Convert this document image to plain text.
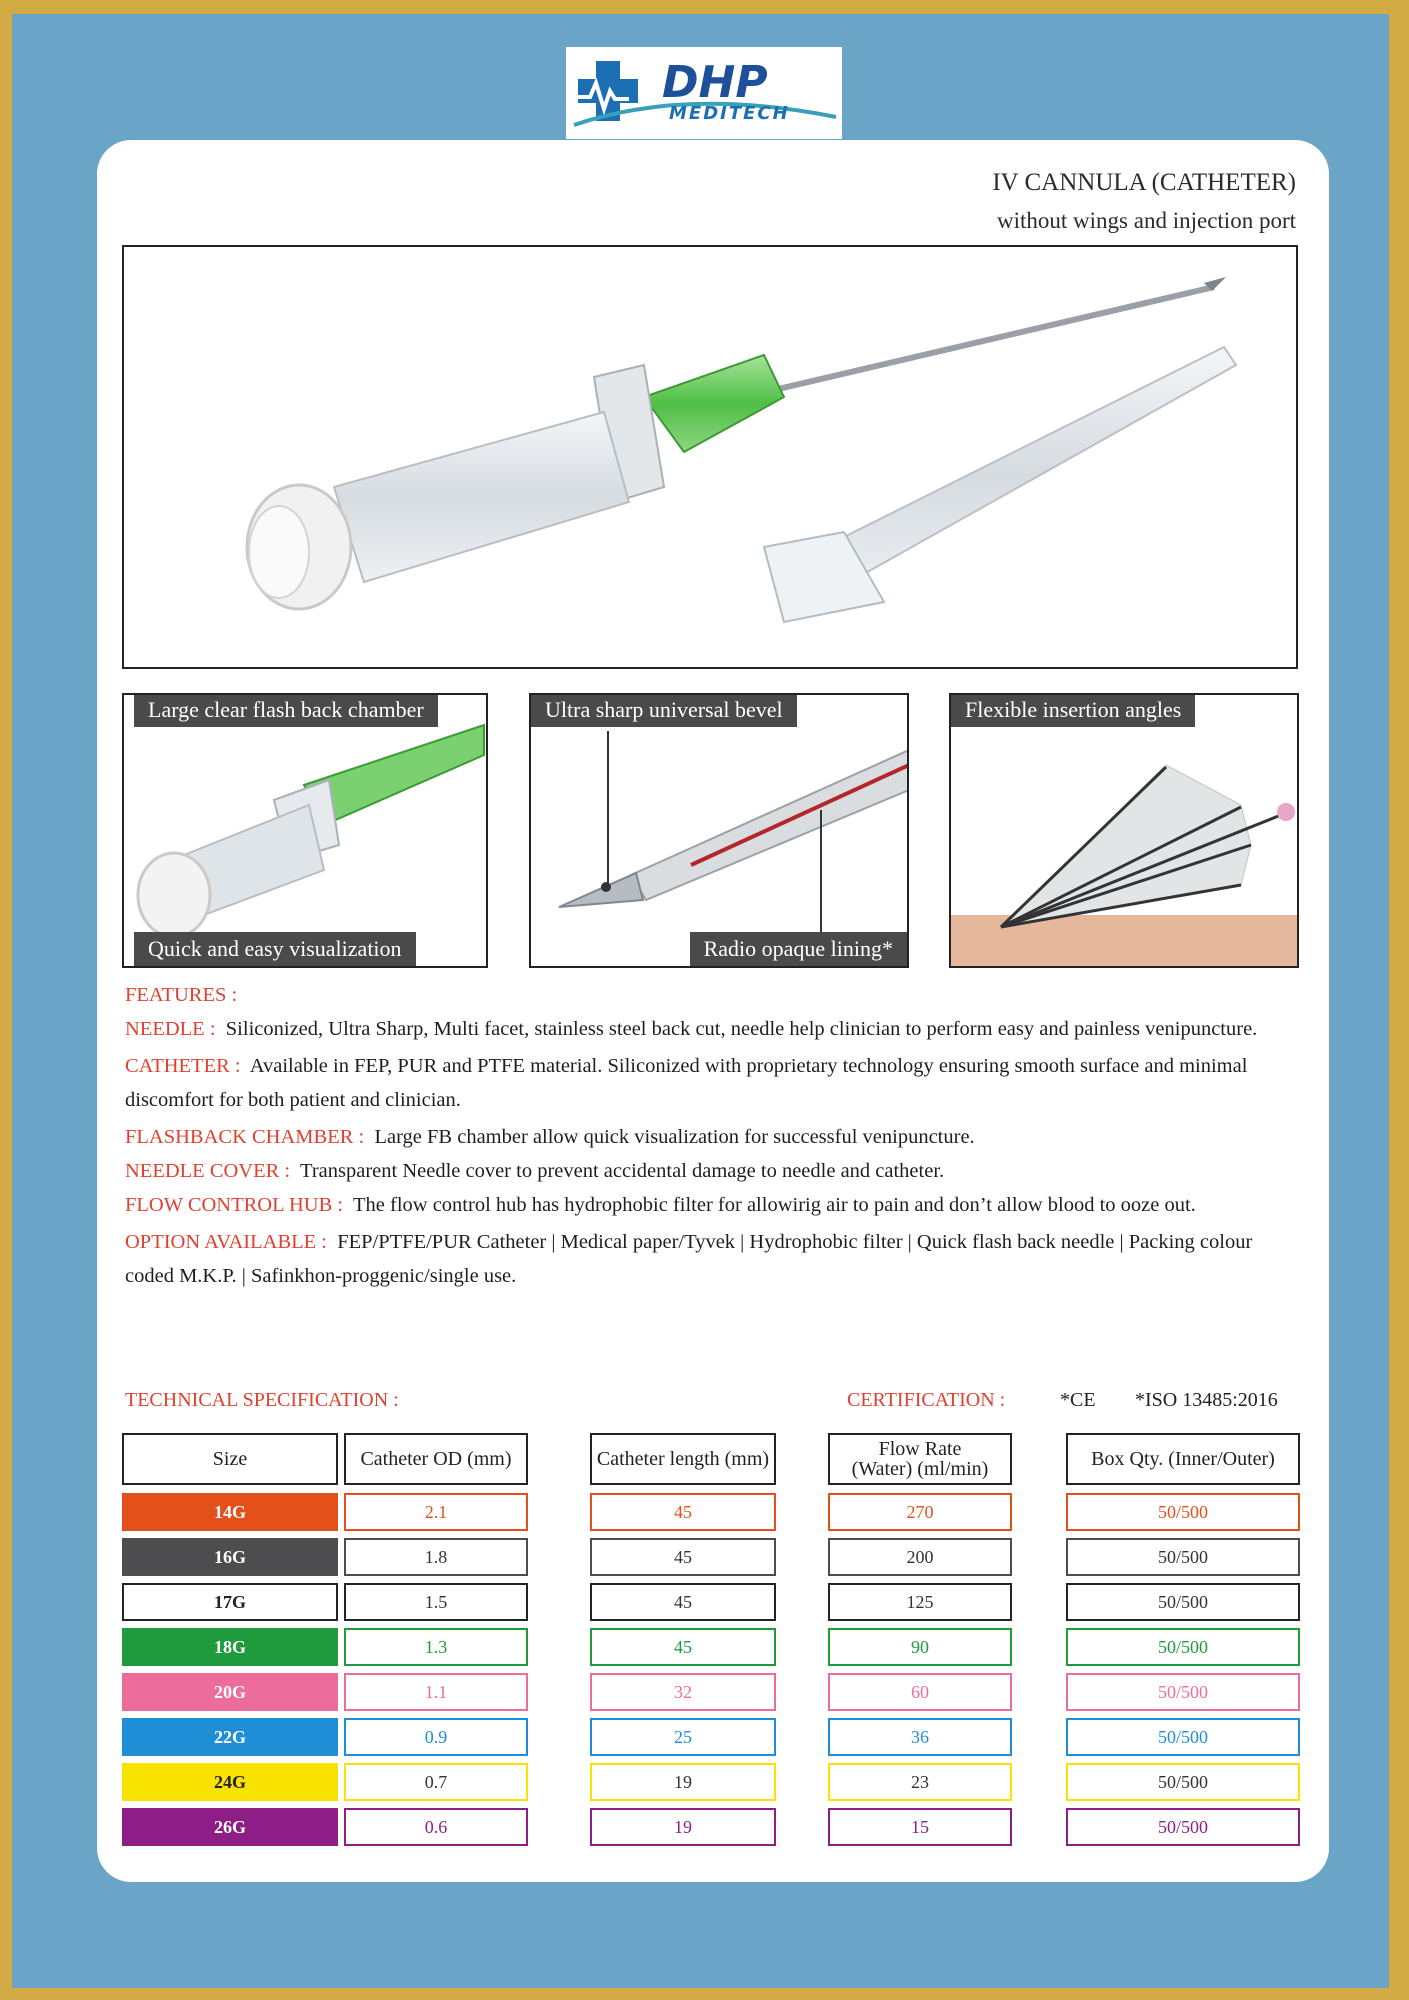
DHP
MEDITECH
IV CANNULA (CATHETER)
without wings and injection port
Large clear flash back chamber
Quick and easy visualization
Ultra sharp universal bevel
Radio opaque lining*
Flexible insertion angles

FEATURES :

NEEDLE : Siliconized, Ultra Sharp, Multi facet, stainless steel back cut, needle help clinician to perform easy and painless venipuncture.

CATHETER : Available in FEP, PUR and PTFE material. Siliconized with proprietary technology ensuring smooth surface and minimal discomfort for both patient and clinician.

FLASHBACK CHAMBER : Large FB chamber allow quick visualization for successful venipuncture.

NEEDLE COVER : Transparent Needle cover to prevent accidental damage to needle and catheter.

FLOW CONTROL HUB : The flow control hub has hydrophobic filter for allowirig air to pain and don’t allow blood to ooze out.

OPTION AVAILABLE : FEP/PTFE/PUR Catheter | Medical paper/Tyvek | Hydrophobic filter | Quick flash back needle | Packing colour coded M.K.P. | Safinkhon-proggenic/single use.

TECHNICAL SPECIFICATION :	CERTIFICATION :	*CE *ISO 13485:2016
Size	Catheter OD (mm)	Catheter length (mm)	Flow Rate (Water) (ml/min)	Box Qty. (Inner/Outer)
14G	2.1	45	270	50/500
16G	1.8	45	200	50/500
17G	1.5	45	125	50/500
18G	1.3	45	90	50/500
20G	1.1	32	60	50/500
22G	0.9	25	36	50/500
24G	0.7	19	23	50/500
26G	0.6	19	15	50/500
